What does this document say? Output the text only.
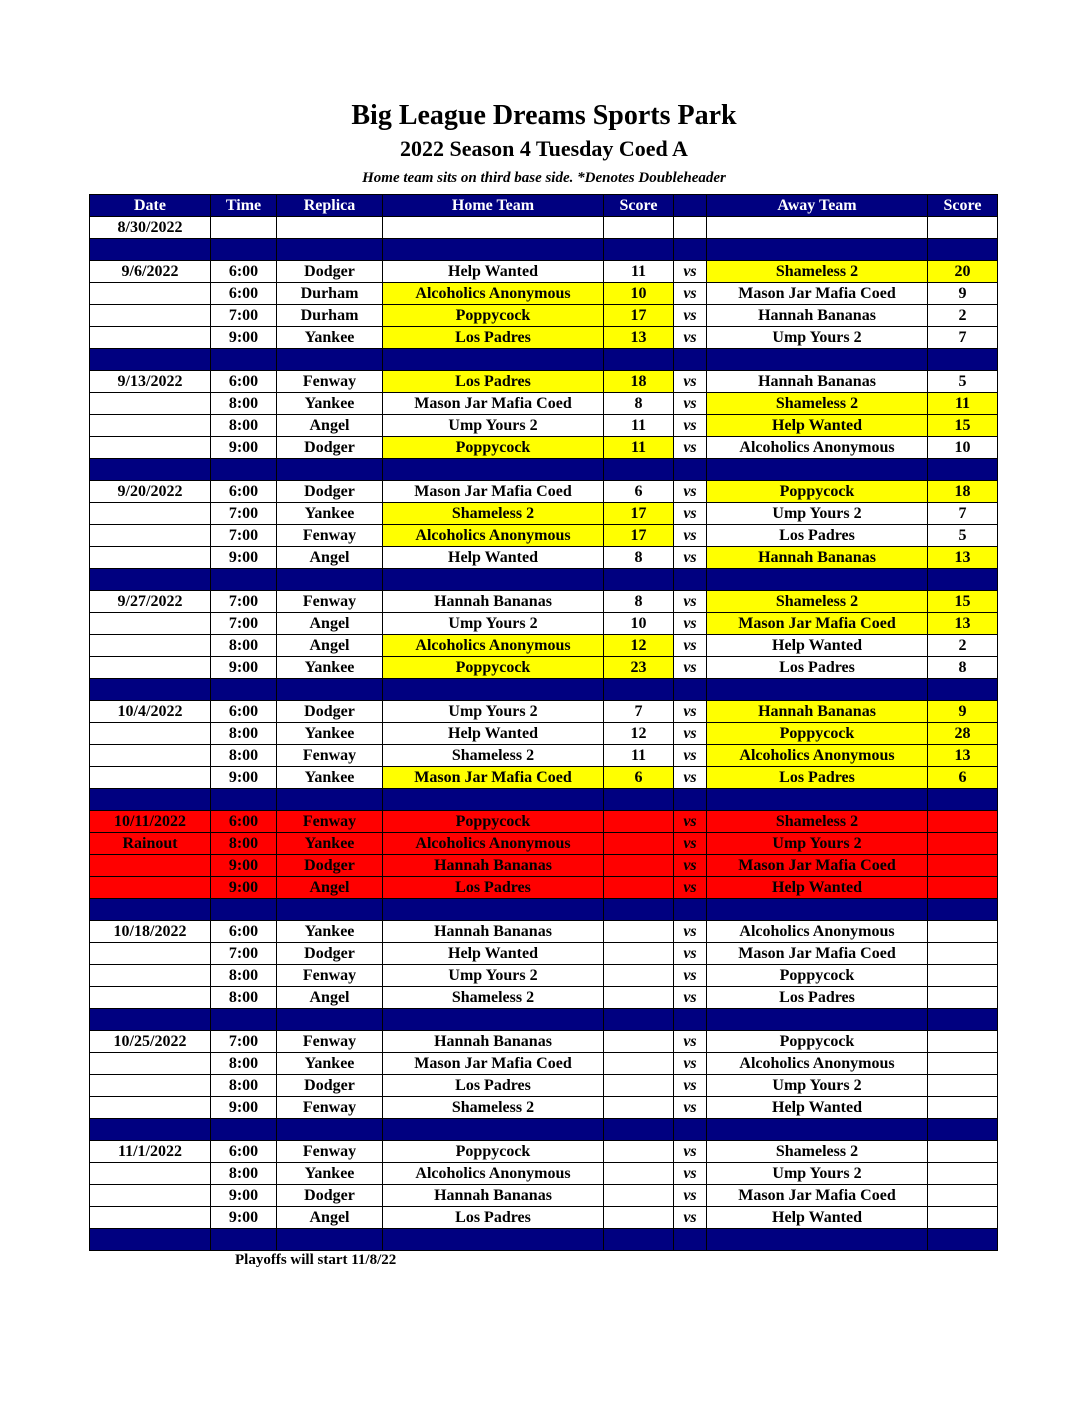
Big League Dreams Sports Park
2022 Season 4 Tuesday Coed A
Home team sits on third base side. *Denotes Doubleheader
Date	Time	Replica	Home Team	Score		Away Team	Score
8/30/2022							

9/6/2022	6:00	Dodger	Help Wanted	11	vs	Shameless 2	20
	6:00	Durham	Alcoholics Anonymous	10	vs	Mason Jar Mafia Coed	9
	7:00	Durham	Poppycock	17	vs	Hannah Bananas	2
	9:00	Yankee	Los Padres	13	vs	Ump Yours 2	7

9/13/2022	6:00	Fenway	Los Padres	18	vs	Hannah Bananas	5
	8:00	Yankee	Mason Jar Mafia Coed	8	vs	Shameless 2	11
	8:00	Angel	Ump Yours 2	11	vs	Help Wanted	15
	9:00	Dodger	Poppycock	11	vs	Alcoholics Anonymous	10

9/20/2022	6:00	Dodger	Mason Jar Mafia Coed	6	vs	Poppycock	18
	7:00	Yankee	Shameless 2	17	vs	Ump Yours 2	7
	7:00	Fenway	Alcoholics Anonymous	17	vs	Los Padres	5
	9:00	Angel	Help Wanted	8	vs	Hannah Bananas	13

9/27/2022	7:00	Fenway	Hannah Bananas	8	vs	Shameless 2	15
	7:00	Angel	Ump Yours 2	10	vs	Mason Jar Mafia Coed	13
	8:00	Angel	Alcoholics Anonymous	12	vs	Help Wanted	2
	9:00	Yankee	Poppycock	23	vs	Los Padres	8

10/4/2022	6:00	Dodger	Ump Yours 2	7	vs	Hannah Bananas	9
	8:00	Yankee	Help Wanted	12	vs	Poppycock	28
	8:00	Fenway	Shameless 2	11	vs	Alcoholics Anonymous	13
	9:00	Yankee	Mason Jar Mafia Coed	6	vs	Los Padres	6

10/11/2022	6:00	Fenway	Poppycock		vs	Shameless 2	
Rainout	8:00	Yankee	Alcoholics Anonymous		vs	Ump Yours 2	
	9:00	Dodger	Hannah Bananas		vs	Mason Jar Mafia Coed	
	9:00	Angel	Los Padres		vs	Help Wanted	

10/18/2022	6:00	Yankee	Hannah Bananas		vs	Alcoholics Anonymous	
	7:00	Dodger	Help Wanted		vs	Mason Jar Mafia Coed	
	8:00	Fenway	Ump Yours 2		vs	Poppycock	
	8:00	Angel	Shameless 2		vs	Los Padres	

10/25/2022	7:00	Fenway	Hannah Bananas		vs	Poppycock	
	8:00	Yankee	Mason Jar Mafia Coed		vs	Alcoholics Anonymous	
	8:00	Dodger	Los Padres		vs	Ump Yours 2	
	9:00	Fenway	Shameless 2		vs	Help Wanted	

11/1/2022	6:00	Fenway	Poppycock		vs	Shameless 2	
	8:00	Yankee	Alcoholics Anonymous		vs	Ump Yours 2	
	9:00	Dodger	Hannah Bananas		vs	Mason Jar Mafia Coed	
	9:00	Angel	Los Padres		vs	Help Wanted	

Playoffs will start 11/8/22
